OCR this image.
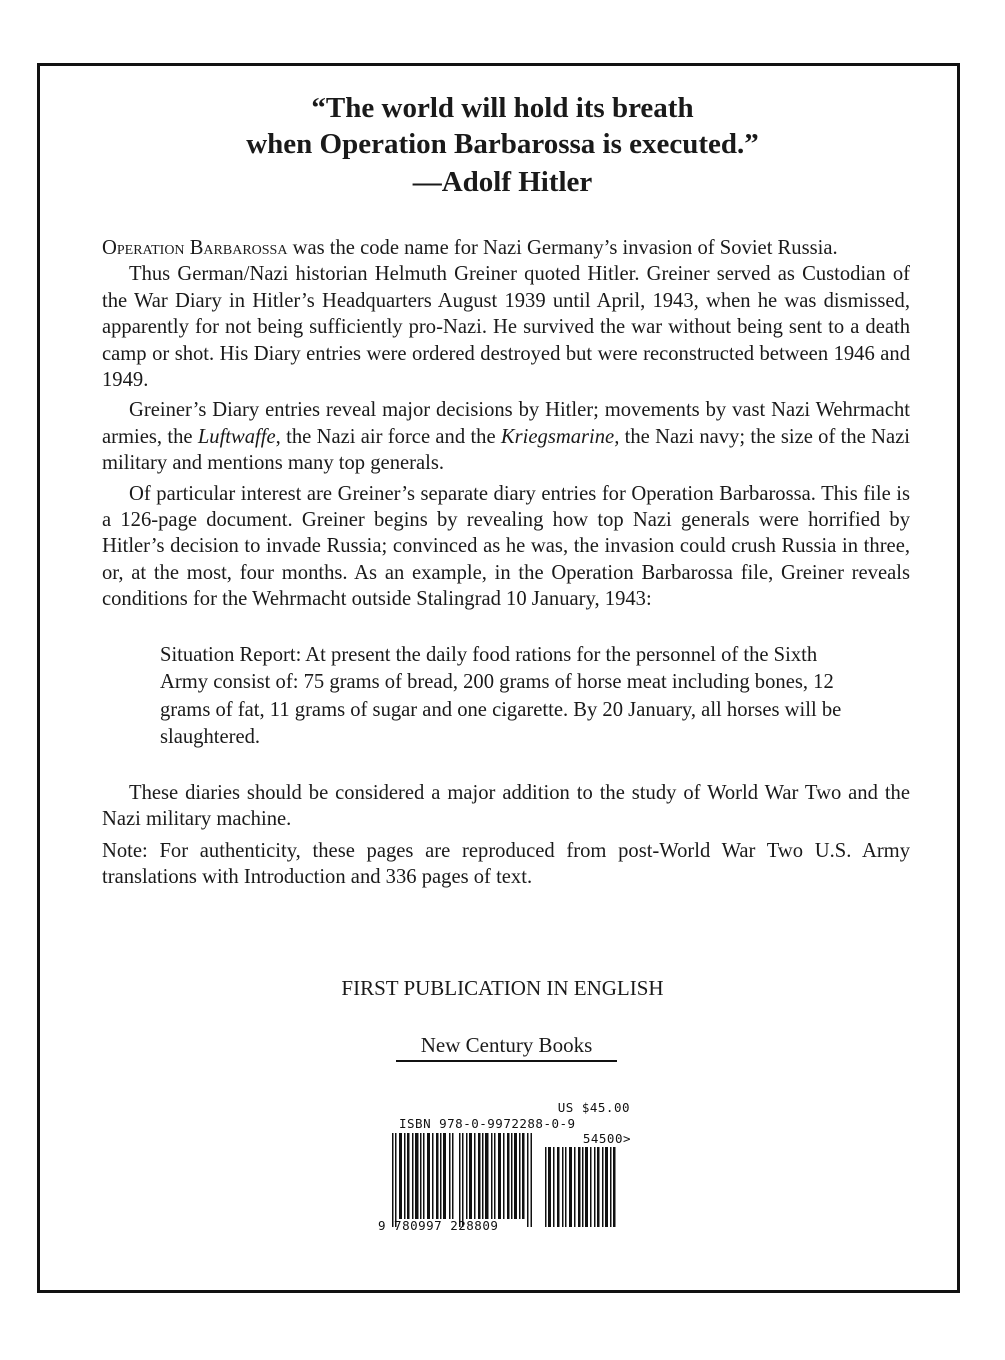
“The world will hold its breath
when Operation Barbarossa is executed.”
—Adolf Hitler

Operation Barbarossa was the code name for Nazi Germany’s invasion of Soviet Russia.

Thus German/Nazi historian Helmuth Greiner quoted Hitler. Greiner served as Custodian of the War Diary in Hitler’s Headquarters August 1939 until April, 1943, when he was dismissed, apparently for not being sufficiently pro-Nazi. He survived the war without being sent to a death camp or shot. His Diary entries were ordered destroyed but were reconstructed between 1946 and 1949.

Greiner’s Diary entries reveal major decisions by Hitler; movements by vast Nazi Wehrmacht armies, the Luftwaffe, the Nazi air force and the Kriegsmarine, the Nazi navy; the size of the Nazi military and mentions many top generals.

Of particular interest are Greiner’s separate diary entries for Operation Barbarossa. This file is a 126-page document. Greiner begins by revealing how top Nazi generals were horrified by Hitler’s decision to invade Russia; convinced as he was, the invasion could crush Russia in three, or, at the most, four months. As an example, in the Operation Barbarossa file, Greiner reveals conditions for the Wehrmacht outside Stalingrad 10 January, 1943:

Situation Report: At present the daily food rations for the personnel of the Sixth Army consist of: 75 grams of bread, 200 grams of horse meat including bones, 12 grams of fat, 11 grams of sugar and one cigarette. By 20 January, all horses will be slaughtered.

These diaries should be considered a major addition to the study of World War Two and the Nazi military machine.

Note: For authenticity, these pages are reproduced from post-World War Two U.S. Army translations with Introduction and 336 pages of text.

FIRST PUBLICATION IN ENGLISH
New Century Books
US $45.00
ISBN 978-0-9972288-0-9
54500>
9 780997 228809
